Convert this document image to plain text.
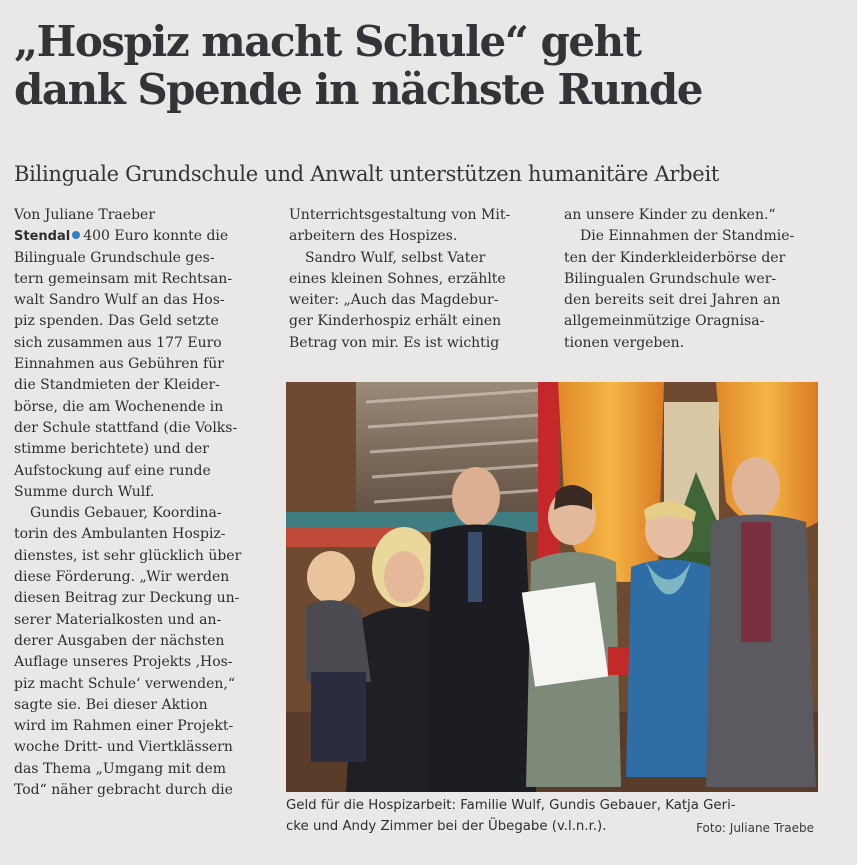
„Hospiz macht Schule“ geht
dank Spende in nächste Runde
Bilinguale Grundschule und Anwalt unterstützen humanitäre Arbeit
Von Juliane Traeber
Stendal 400 Euro konnte die
Bilinguale Grundschule ges-
tern gemeinsam mit Rechtsan-
walt Sandro Wulf an das Hos-
piz spenden. Das Geld setzte
sich zusammen aus 177 Euro
Einnahmen aus Gebühren für
die Standmieten der Kleider-
börse, die am Wochenende in
der Schule stattfand (die Volks-
stimme berichtete) und der
Aufstockung auf eine runde
Summe durch Wulf.
Gundis Gebauer, Koordina-
torin des Ambulanten Hospiz-
dienstes, ist sehr glücklich über
diese Förderung. „Wir werden
diesen Beitrag zur Deckung un-
serer Materialkosten und an-
derer Ausgaben der nächsten
Auflage unseres Projekts ‚Hos-
piz macht Schule‘ verwenden,“
sagte sie. Bei dieser Aktion
wird im Rahmen einer Projekt-
woche Dritt- und Viertklässern
das Thema „Umgang mit dem
Tod“ näher gebracht durch die
Unterrichtsgestaltung von Mit-
arbeitern des Hospizes.
Sandro Wulf, selbst Vater
eines kleinen Sohnes, erzählte
weiter: „Auch das Magdebur-
ger Kinderhospiz erhält einen
Betrag von mir. Es ist wichtig
an unsere Kinder zu denken.“
Die Einnahmen der Standmie-
ten der Kinderkleiderbörse der
Bilingualen Grundschule wer-
den bereits seit drei Jahren an
allgemeinmützige Oragnisa-
tionen vergeben.
Geld für die Hospizarbeit: Familie Wulf, Gundis Gebauer, Katja Geri-
cke und Andy Zimmer bei der Übegabe (v.l.n.r.).	Foto: Juliane Traebe
